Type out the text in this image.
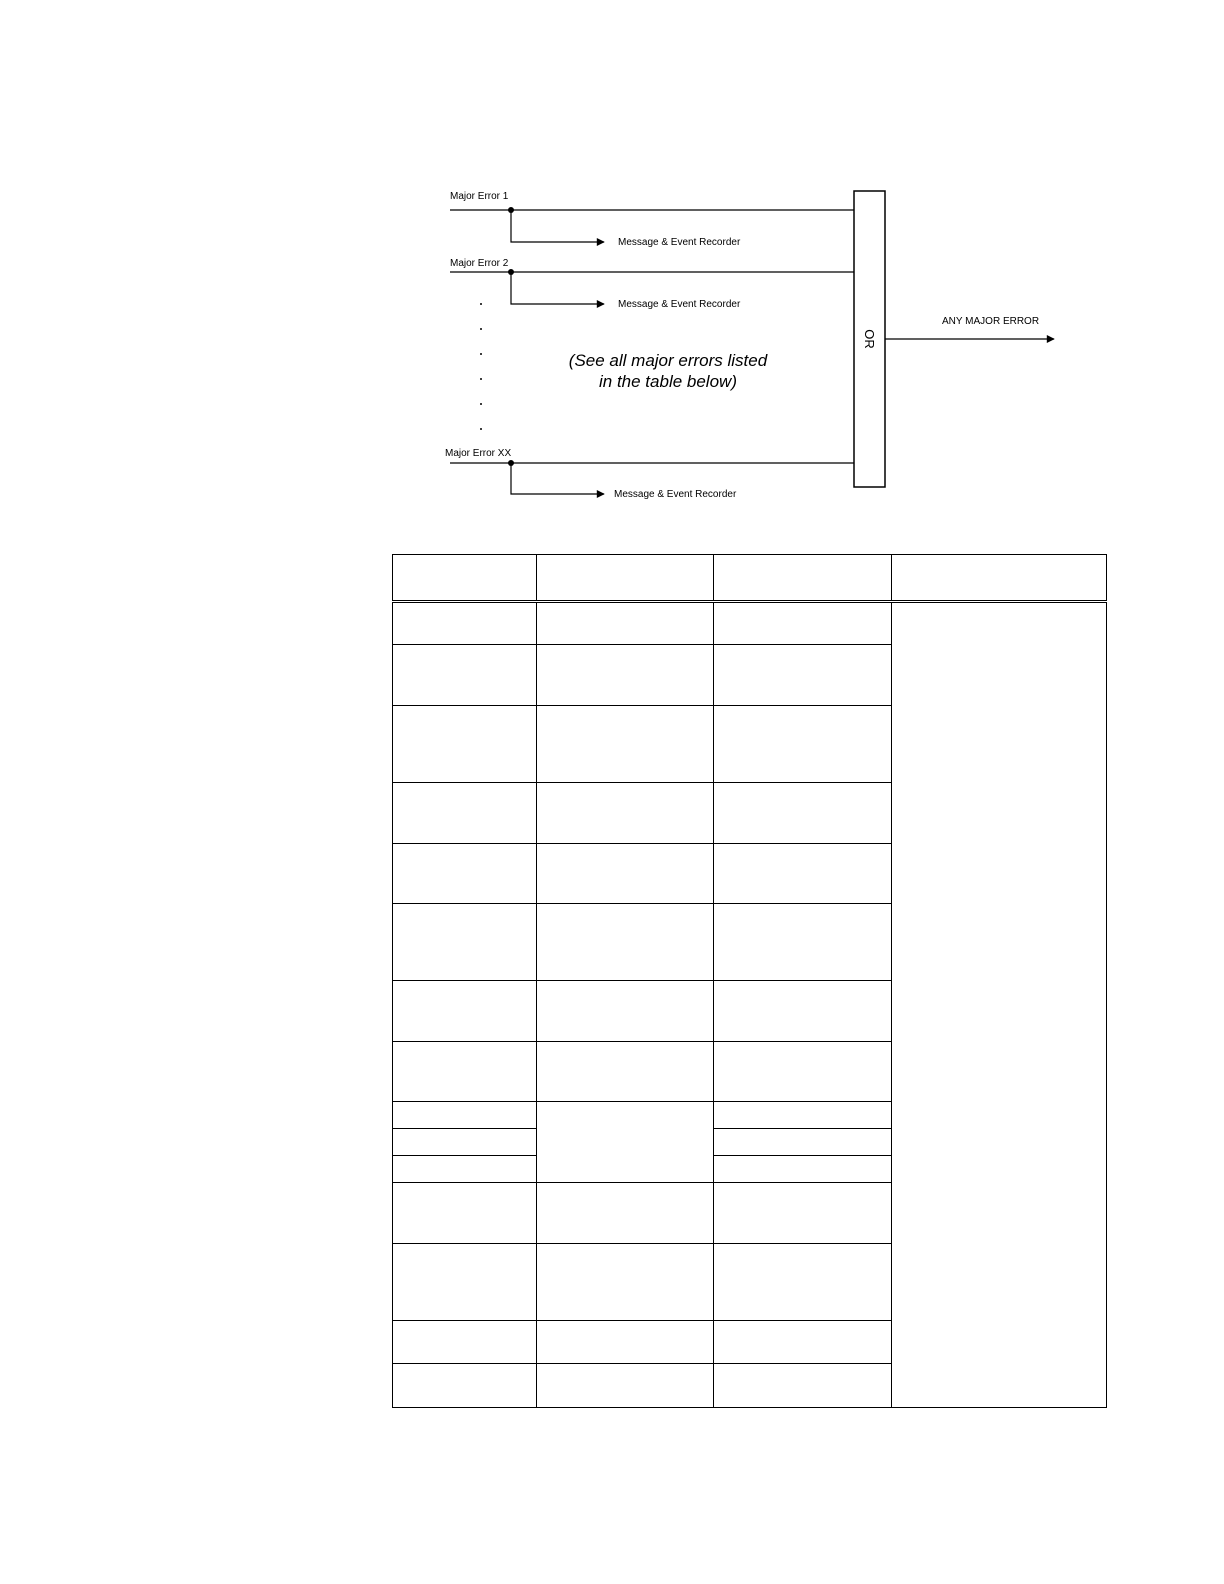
Major Error 1
Message & Event Recorder
Major Error 2
Message & Event Recorder
(See all major errors listed
in the table below)
Major Error XX
Message & Event Recorder
OR
ANY MAJOR ERROR
